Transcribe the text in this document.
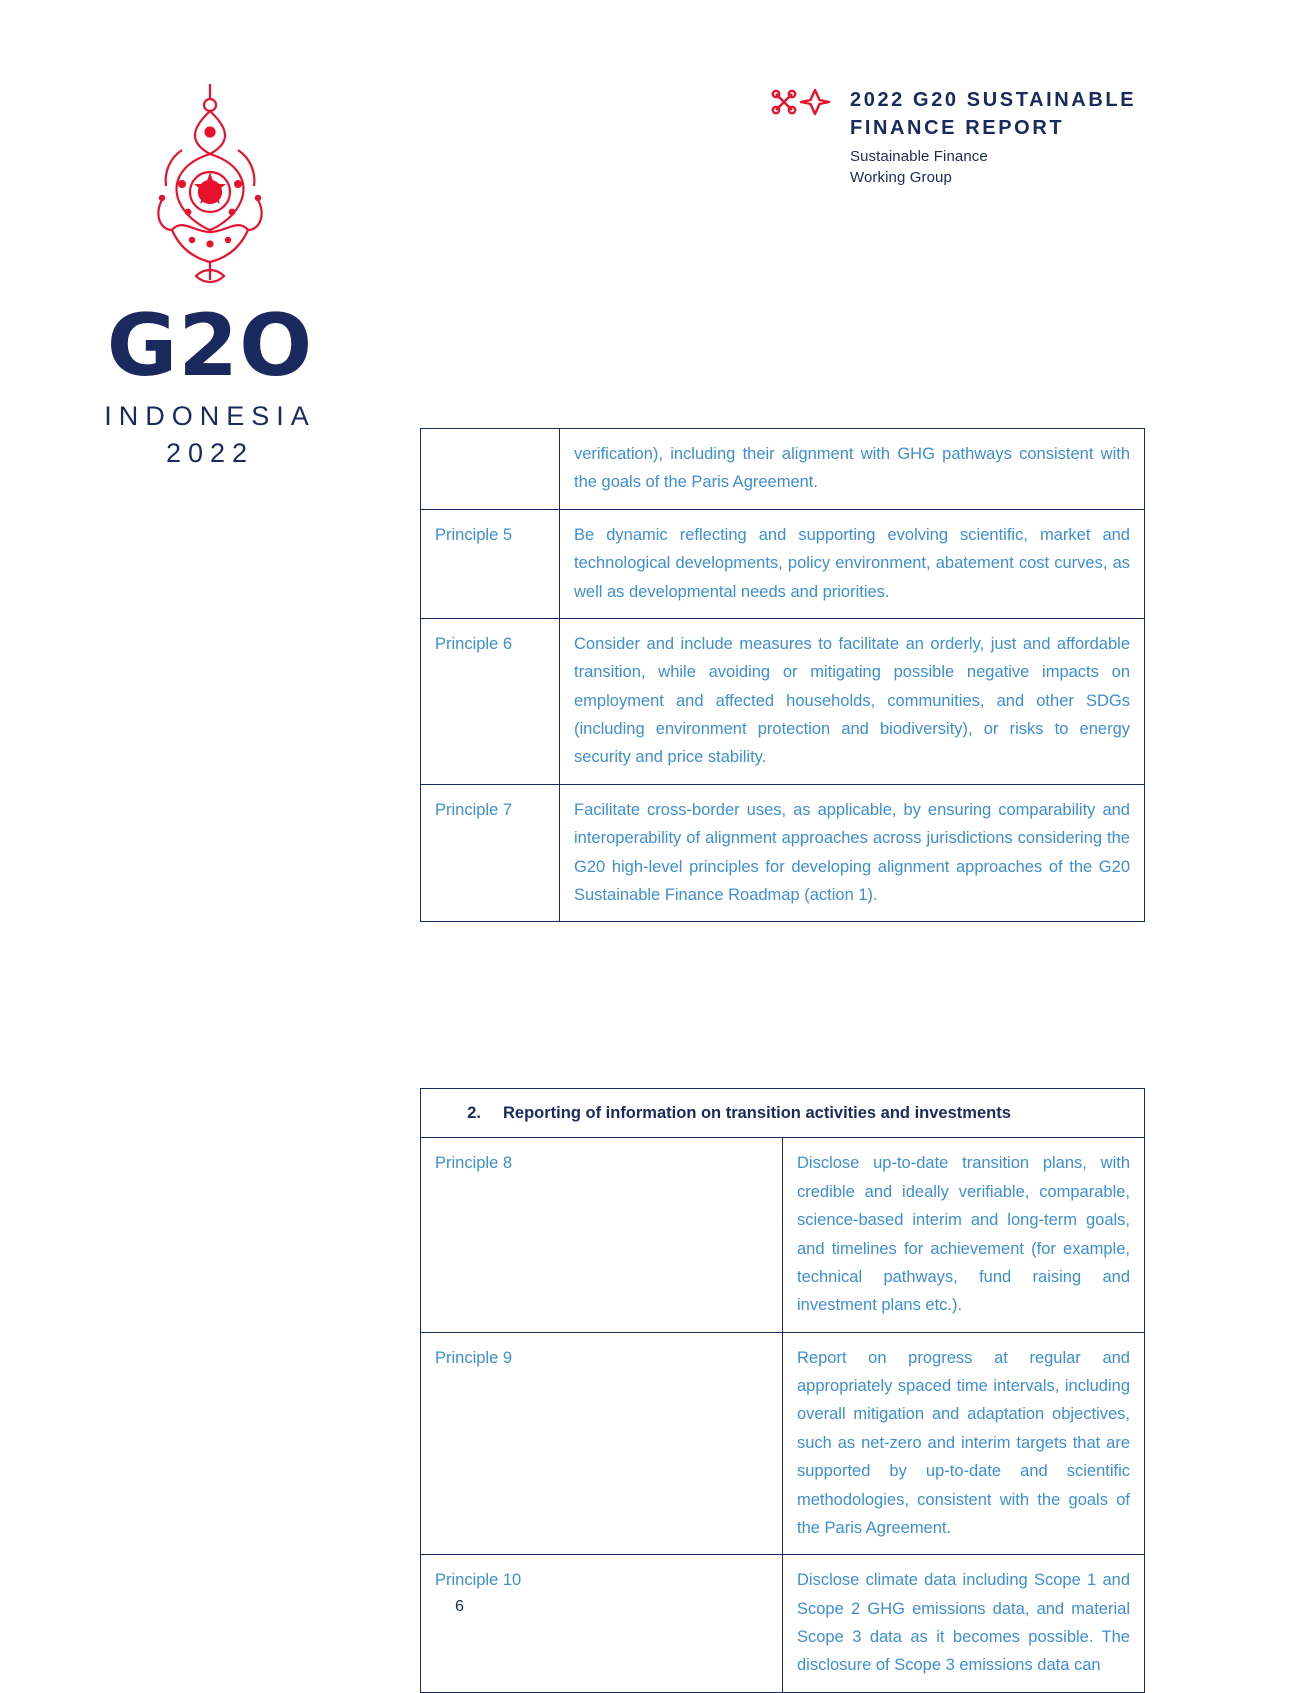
2022 G20 SUSTAINABLE FINANCE REPORT
Sustainable Finance
Working Group
G2O
INDONESIA
2022
		verification), including their alignment with GHG pathways consistent with the goals of the Paris Agreement.
Principle 5	Be dynamic reflecting and supporting evolving scientific, market and technological developments, policy environment, abatement cost curves, as well as developmental needs and priorities.
Principle 6	Consider and include measures to facilitate an orderly, just and affordable transition, while avoiding or mitigating possible negative impacts on employment and affected households, communities, and other SDGs (including environment protection and biodiversity), or risks to energy security and price stability.
Principle 7	Facilitate cross-border uses, as applicable, by ensuring comparability and interoperability of alignment approaches across jurisdictions considering the G20 high-level principles for developing alignment approaches of the G20 Sustainable Finance Roadmap (action 1).
2. Reporting of information on transition activities and investments	
Principle 8	Disclose up-to-date transition plans, with credible and ideally verifiable, comparable, science-based interim and long-term goals, and timelines for achievement (for example, technical pathways, fund raising and investment plans etc.).
Principle 9	Report on progress at regular and appropriately spaced time intervals, including overall mitigation and adaptation objectives, such as net-zero and interim targets that are supported by up-to-date and scientific methodologies, consistent with the goals of the Paris Agreement.
Principle 10	Disclose climate data including Scope 1 and Scope 2 GHG emissions data, and material Scope 3 data as it becomes possible. The disclosure of Scope 3 emissions data can
6
